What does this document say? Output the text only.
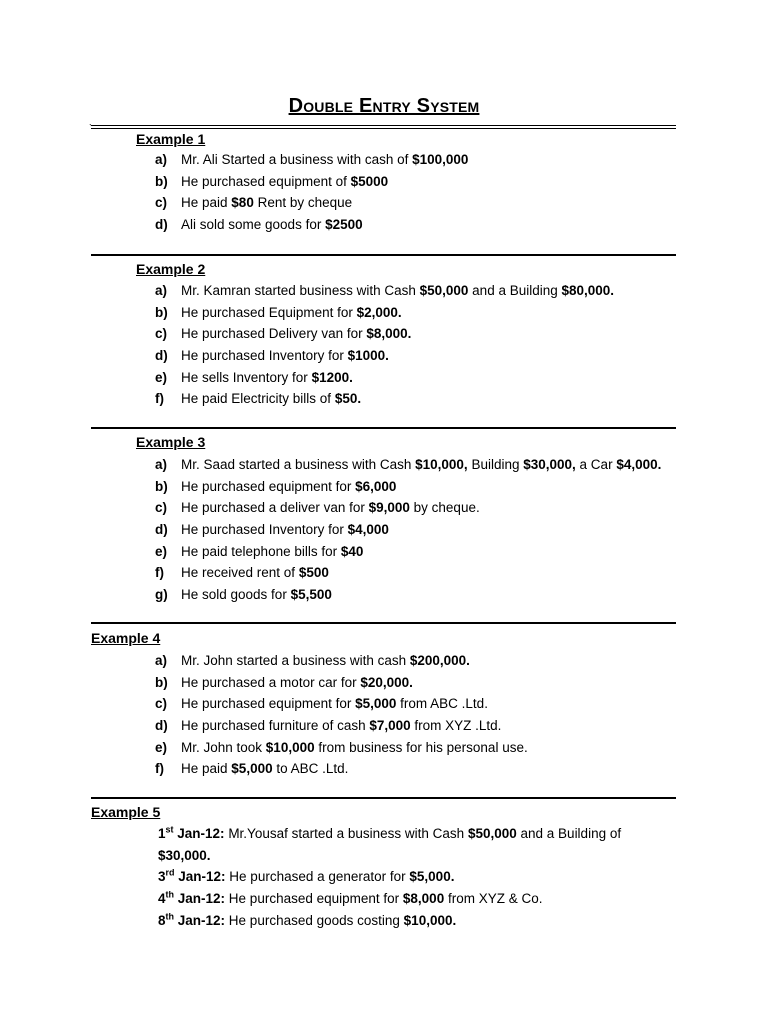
Double Entry System
`
Example 1
a) Mr. Ali Started a business with cash of $100,000
b) He purchased equipment of $5000
c) He paid $80 Rent by cheque
d) Ali sold some goods for $2500
Example 2
a) Mr. Kamran started business with Cash $50,000 and a Building $80,000.
b) He purchased Equipment for $2,000.
c) He purchased Delivery van for $8,000.
d) He purchased Inventory for $1000.
e) He sells Inventory for $1200.
f) He paid Electricity bills of $50.
Example 3
a) Mr. Saad started a business with Cash $10,000, Building $30,000, a Car $4,000.
b) He purchased equipment for $6,000
c) He purchased a deliver van for $9,000 by cheque.
d) He purchased Inventory for $4,000
e) He paid telephone bills for $40
f) He received rent of $500
g) He sold goods for $5,500
Example 4
a) Mr. John started a business with cash $200,000.
b) He purchased a motor car for $20,000.
c) He purchased equipment for $5,000 from ABC .Ltd.
d) He purchased furniture of cash $7,000 from XYZ .Ltd.
e) Mr. John took $10,000 from business for his personal use.
f) He paid $5,000 to ABC .Ltd.
Example 5
1st Jan-12: Mr.Yousaf started a business with Cash $50,000 and a Building of $30,000.
3rd Jan-12: He purchased a generator for $5,000.
4th Jan-12: He purchased equipment for $8,000 from XYZ & Co.
8th Jan-12: He purchased goods costing $10,000.
